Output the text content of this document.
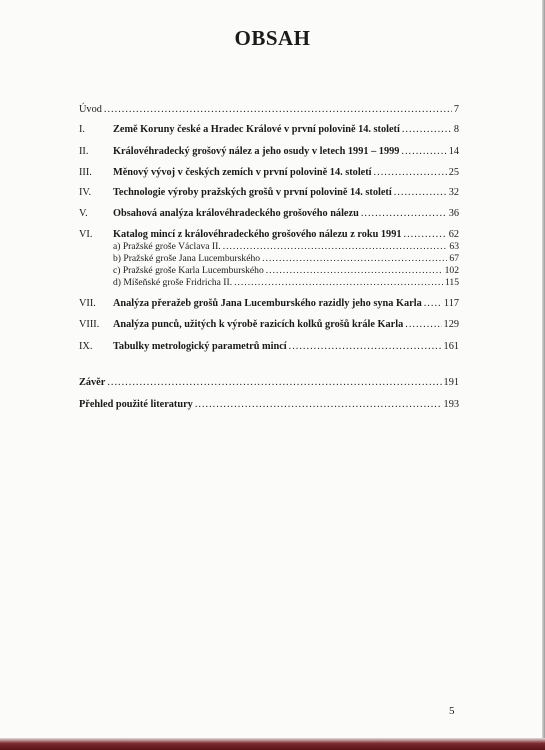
OBSAH
Úvod .....	7
I.	Země Koruny české a Hradec Králové v první polovině 14. století .....	8
II.	Královéhradecký grošový nález a jeho osudy v letech 1991 – 1999 .....	14
III.	Měnový vývoj v českých zemích v první polovině 14. století .....	25
IV.	Technologie výroby pražských grošů v první polovině 14. století .....	32
V.	Obsahová analýza královéhradeckého grošového nálezu .....	36
VI.	Katalog mincí z královéhradeckého grošového nálezu z roku 1991 .....	62
a) Pražské groše Václava II. .....	63
b) Pražské groše Jana Lucemburského .....	67
c) Pražské groše Karla Lucemburského .....	102
d) Míšeňské groše Fridricha II. .....	115
VII.	Analýza přeražeb grošů Jana Lucemburského razidly jeho syna Karla ..... 117
VIII.	Analýza punců, užitých k výrobě razicích kolků grošů krále Karla .....	129
IX.	Tabulky metrologický parametrů mincí .....	161
Závěr .....	191
Přehled použité literatury .....	193
5
